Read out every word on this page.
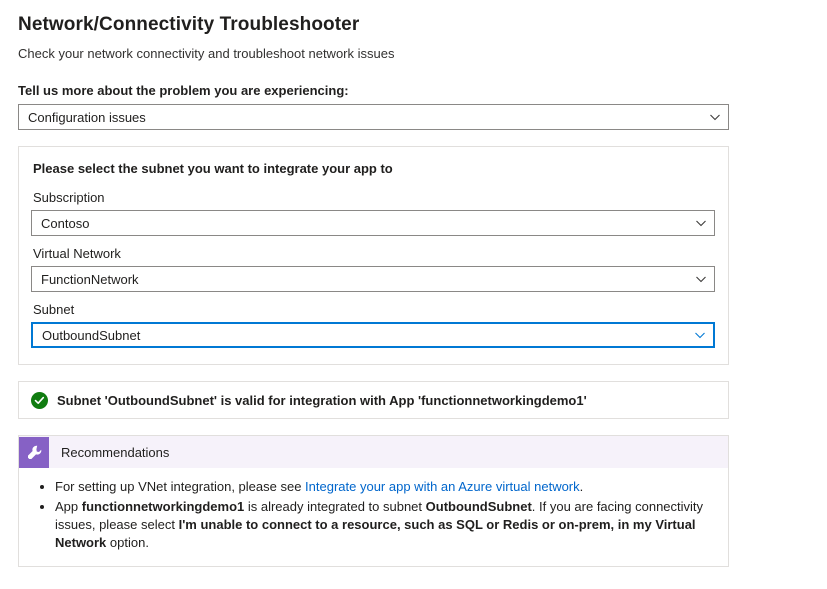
Network/Connectivity Troubleshooter
Check your network connectivity and troubleshoot network issues
Tell us more about the problem you are experiencing:
Configuration issues
Please select the subnet you want to integrate your app to
Subscription
Contoso
Virtual Network
FunctionNetwork
Subnet
OutboundSubnet
Subnet 'OutboundSubnet' is valid for integration with App 'functionnetworkingdemo1'
Recommendations
• For setting up VNet integration, please see Integrate your app with an Azure virtual network.
• App functionnetworkingdemo1 is already integrated to subnet OutboundSubnet. If you are facing connectivity issues, please select I'm unable to connect to a resource, such as SQL or Redis or on-prem, in my Virtual Network option.
